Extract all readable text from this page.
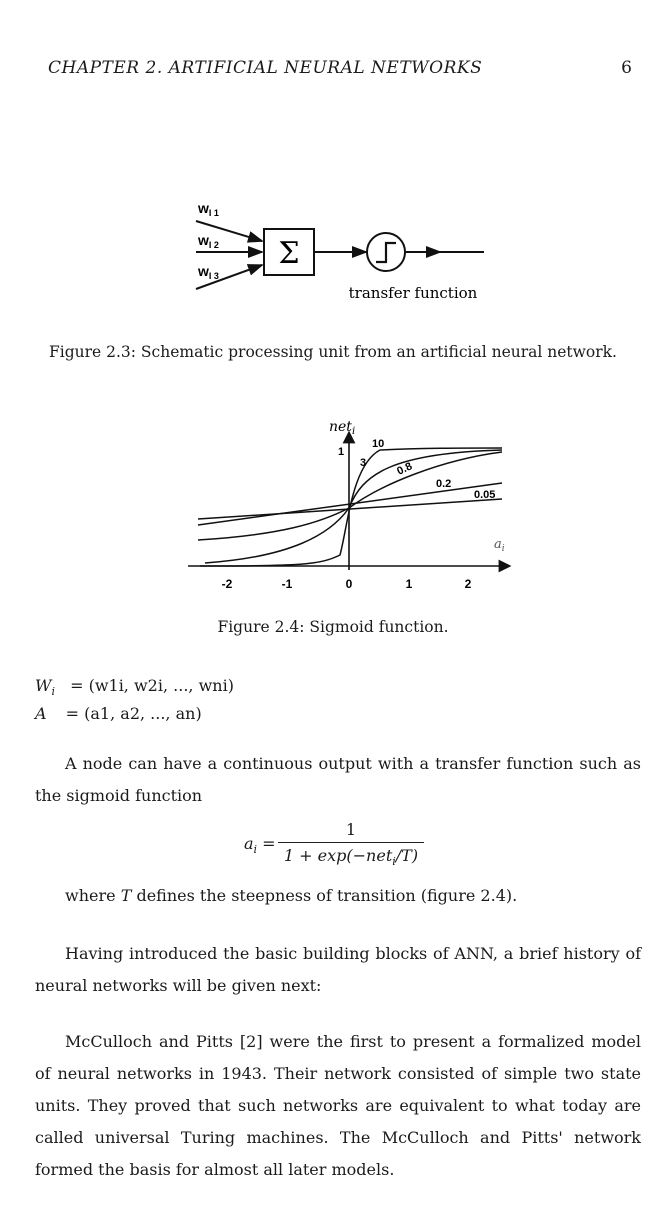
CHAPTER 2. ARTIFICIAL NEURAL NETWORKS	6
$w_{I 1}$
$w_{I 2}$
$w_{I 3}$
Σ
transfer function
Figure 2.3: Schematic processing unit from an artificial neural network.
net$_i$
$a_i$
1
10
3	0.8
0.2
0.05
-2	-1	0	1	2
Figure 2.4: Sigmoid function.
$W_i = (w1i$, w2i, ..., wni)
A = (a1, a2, ..., an)
A node can have a continuous output with a transfer function such as the sigmoid function
$a_i$ =
1
1 + exp(−net$_i$/T)
where T defines the steepness of transition (figure 2.4).
Having introduced the basic building blocks of ANN, a brief history of neural networks will be given next:
McCulloch and Pitts [2] were the first to present a formalized model of neural networks in 1943. Their network consisted of simple two state units. They proved that such networks are equivalent to what today are called universal Turing machines. The McCulloch and Pitts' network formed the basis for almost all later models.
